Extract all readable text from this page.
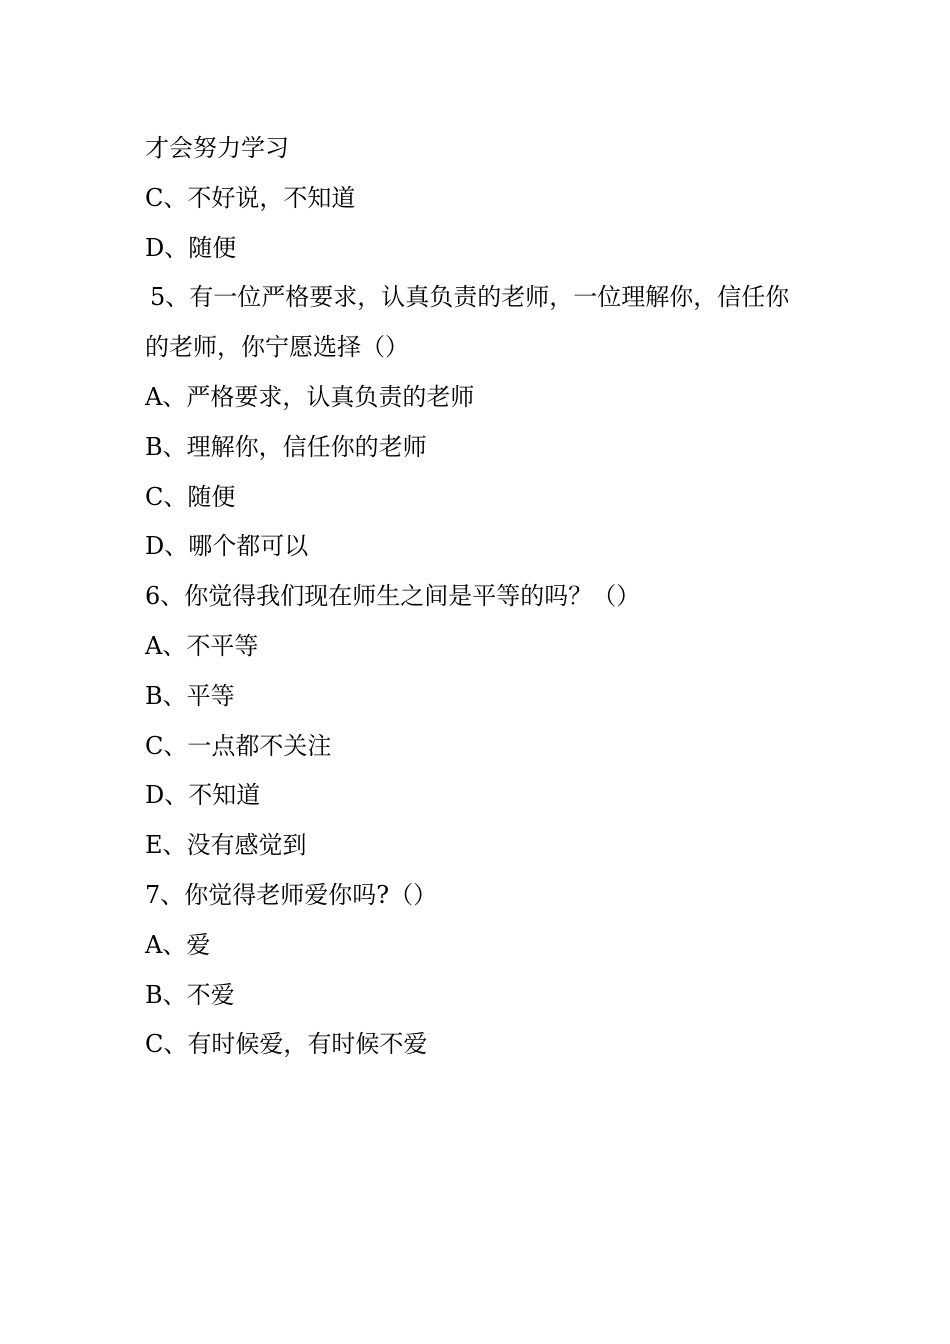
才会努力学习

C、不好说，不知道

D、随便

5、有一位严格要求，认真负责的老师，一位理解你，信任你

的老师，你宁愿选择（）

A、严格要求，认真负责的老师

B、理解你，信任你的老师

C、随便

D、哪个都可以

6、你觉得我们现在师生之间是平等的吗？（）

A、不平等

B、平等

C、一点都不关注

D、不知道

E、没有感觉到

7、你觉得老师爱你吗?（）

A、爱

B、不爱

C、有时候爱，有时候不爱
